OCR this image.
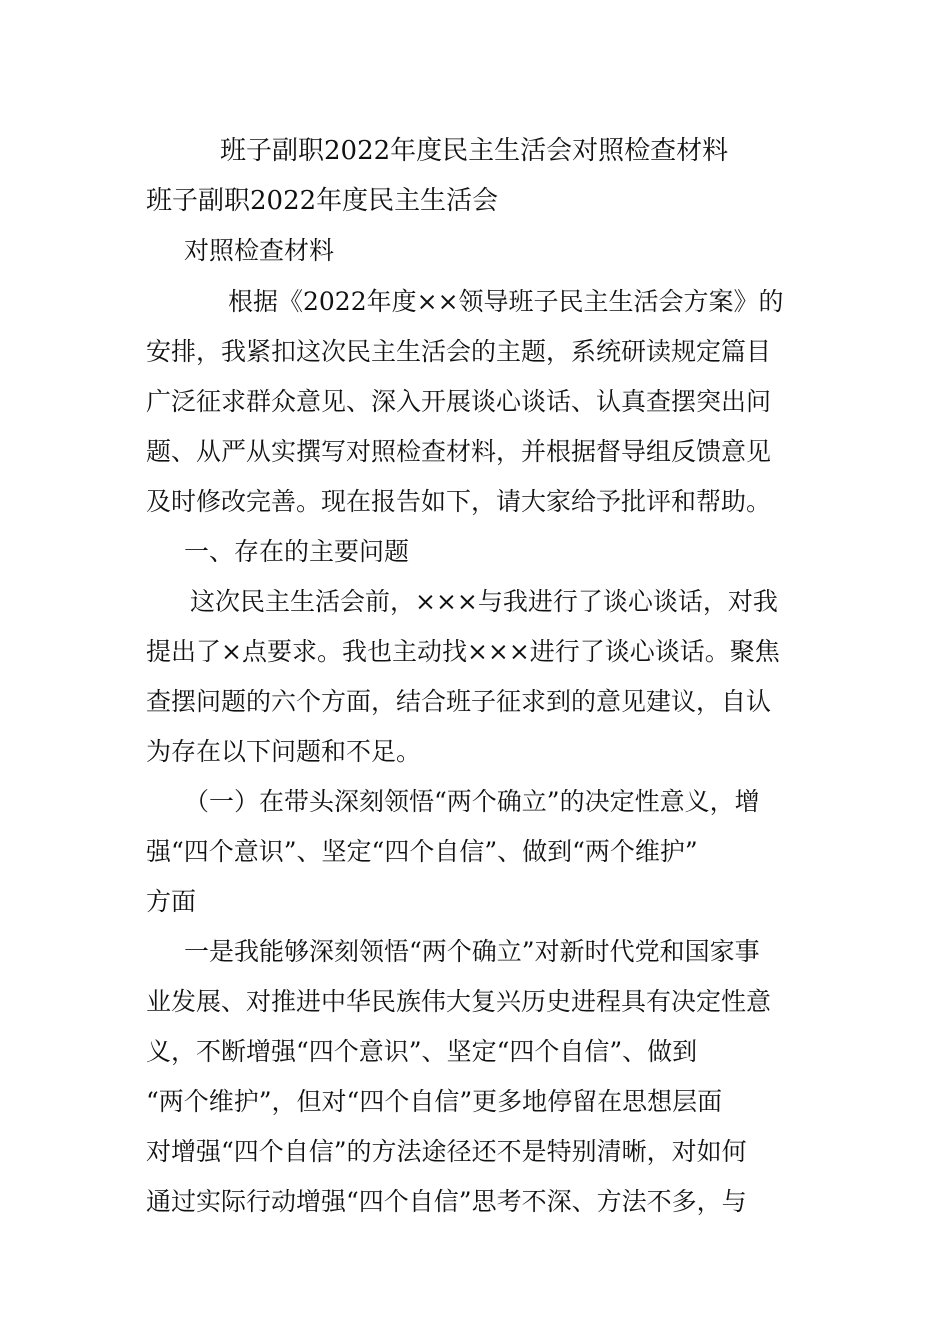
班子副职2022年度民主生活会对照检查材料
班子副职2022年度民主生活会
对照检查材料
根据《2022年度××领导班子民主生活会方案》的
安排，我紧扣这次民主生活会的主题，系统研读规定篇目
广泛征求群众意见、深入开展谈心谈话、认真查摆突出问
题、从严从实撰写对照检查材料，并根据督导组反馈意见
及时修改完善。现在报告如下，请大家给予批评和帮助。
一、存在的主要问题
这次民主生活会前，×××与我进行了谈心谈话，对我
提出了×点要求。我也主动找×××进行了谈心谈话。聚焦
查摆问题的六个方面，结合班子征求到的意见建议，自认
为存在以下问题和不足。
（一）在带头深刻领悟“两个确立”的决定性意义，增
强“四个意识”、坚定“四个自信”、做到“两个维护”
方面
一是我能够深刻领悟“两个确立”对新时代党和国家事
业发展、对推进中华民族伟大复兴历史进程具有决定性意
义，不断增强“四个意识”、坚定“四个自信”、做到
“两个维护”，但对“四个自信”更多地停留在思想层面
对增强“四个自信”的方法途径还不是特别清晰，对如何
通过实际行动增强“四个自信”思考不深、方法不多，与
